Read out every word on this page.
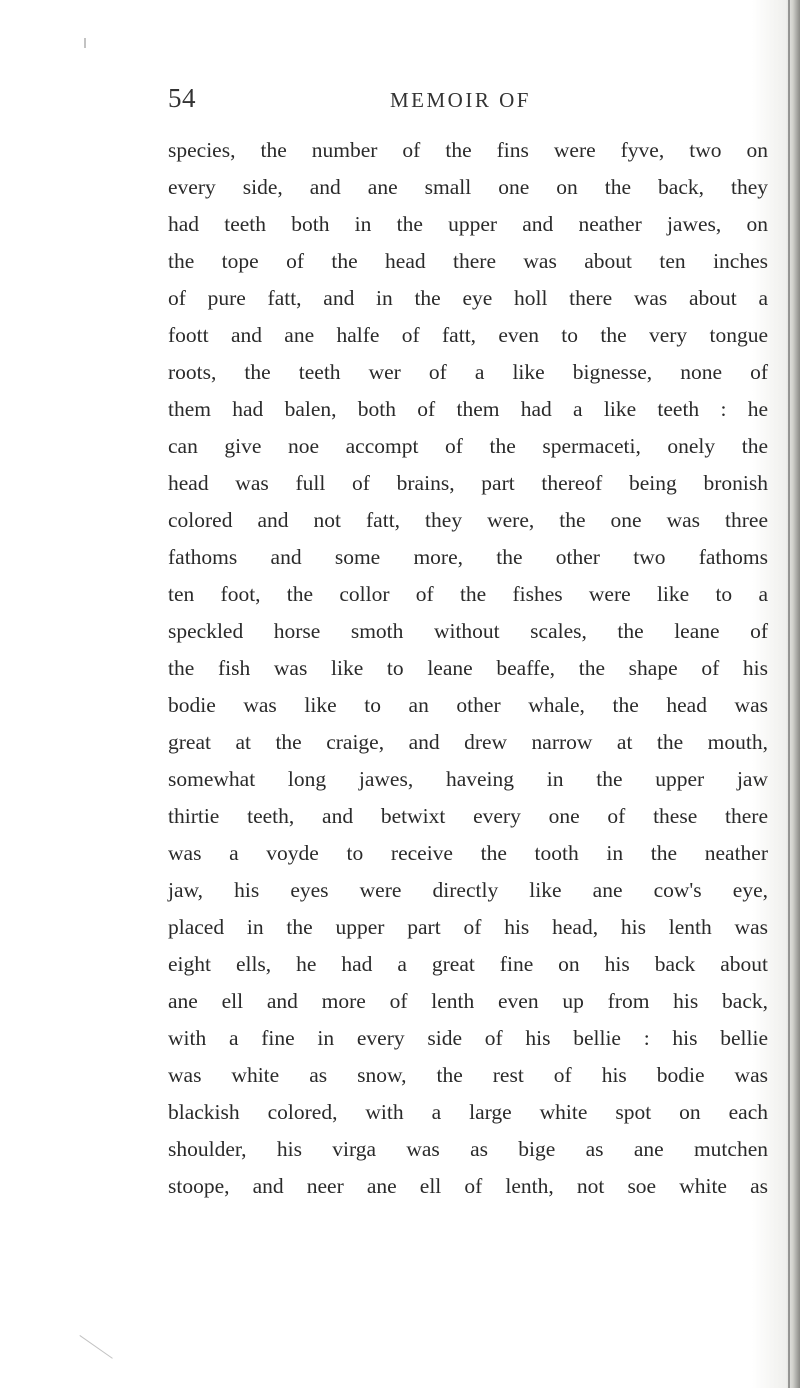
54	MEMOIR OF
species, the number of the fins were fyve, two on
every side, and ane small one on the back, they
had teeth both in the upper and neather jawes, on
the tope of the head there was about ten inches
of pure fatt, and in the eye holl there was about a
foott and ane halfe of fatt, even to the very tongue
roots, the teeth wer of a like bignesse, none of
them had balen, both of them had a like teeth : he
can give noe accompt of the spermaceti, onely the
head was full of brains, part thereof being bronish
colored and not fatt, they were, the one was three
fathoms and some more, the other two fathoms
ten foot, the collor of the fishes were like to a
speckled horse smoth without scales, the leane of
the fish was like to leane beaffe, the shape of his
bodie was like to an other whale, the head was
great at the craige, and drew narrow at the mouth,
somewhat long jawes, haveing in the upper jaw
thirtie teeth, and betwixt every one of these there
was a voyde to receive the tooth in the neather
jaw, his eyes were directly like ane cow's eye,
placed in the upper part of his head, his lenth was
eight ells, he had a great fine on his back about
ane ell and more of lenth even up from his back,
with a fine in every side of his bellie : his bellie
was white as snow, the rest of his bodie was
blackish colored, with a large white spot on each
shoulder, his virga was as bige as ane mutchen
stoope, and neer ane ell of lenth, not soe white as
